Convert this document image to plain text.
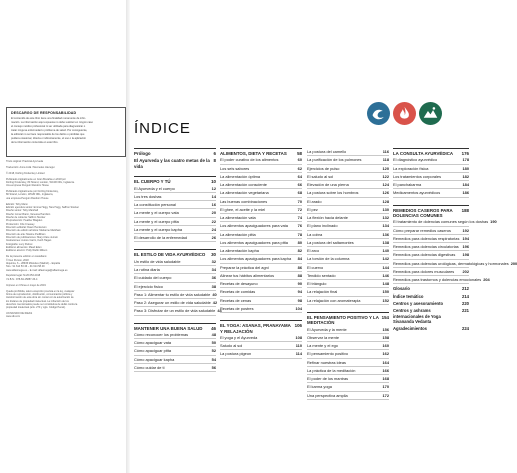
DESCARGO DE RESPONSABILIDAD
El contenido de este libro tiene una finalidad meramente de infor-
mación. La información aquí expuesta no debe sustituir en ningún caso
el consejo médico profesional ni ser utilizada para diagnosticar o
tratar ninguna enfermedad o problema de salud. Por consiguiente,
la editorial no se hace responsable de los daños o pérdidas que
pudiera ocasionar, directa o indirectamente, el uso o la aplicación
de la información contenida en este libro.
Título original: Practical Ayurveda
Traducción: Anna Juliá / Mercedes Jáuregui
© 2018, Dorling Kindersley Limited
Publicado originalmente en Gran Bretaña en 2018 por
Dorling Kindersley, 80 Strand, London, WC2R 0RL, Inglaterra.
Una empresa Penguin Random House
Publicado originalmente por Dorling Kindersley,
80 Strand, London, WC2R 0RL, Inglaterra,
una empresa Penguin Random House
Edición: Toby Mann
Edición ejecutiva sénior: Emma Hogg, Tara Hogg, Saffron Stocker
Diseño sénior: Toby Marshall
Diseño: Anna Dhami, Vanessa Hamilton
Diseño de cubierta: Saffron Stocker
Preproducción: Heather Blagden
Producción: Ché Creasey
Dirección editorial: Dawn Henderson
Dirección de edición artística: Marianne Markham
Dirección de arte: Maxine Pedliham
Dirección de publicaciones: Mary-Clare Jerram
Ilustraciones: Aurore Carric, Keith Hagan
Fotografía: Lucy Parissi
Estilismo alimentos: Maud Eden
Estilismo atrezzo: Polly Webb-Wilson
De la presente edición en castellano:
© Neo Person, 2018
Alquimia, 6 – 28933 Móstoles (Madrid) – España
Tels.: 91 614 53 46 – 91 614 58 49
www.alfaomega.es – E-mail: alfaomega@alfaomega.es
Depósito legal: M-26.053-2018
I.S.B.N.: 978-84-15887-33-4
Impreso en China en mayo de 2019
Queda prohibida, salvo excepción prevista en la ley, cualquier
forma de reproducción, distribución, comunicación pública y
transformación de esta obra sin contar con la autorización de
los titulares de propiedad intelectual. La infracción de los
derechos mencionados puede ser constitutiva de delito contra la
propiedad intelectual (arts. 270 y sgts. Código Penal).
UN MUNDO DE IDEAS
www.dk.com
ÍNDICE
Prólogo	6
El Ayurveda y las cuatro metas de la vida
8
EL CUERPO Y TÚ	10
El Ayurveda y el cuerpo	12
Los tres doshas	14
La constitución personal	16
La mente y el cuerpo vata	20
La mente y el cuerpo pitta	22
La mente y el cuerpo kapha	24
El desarrollo de la enfermedad	26
EL ESTILO DE VIDA AYURVÉDICO	30
Un estilo de vida saludable	32
La rutina diaria	34
El cuidado del cuerpo	36
El ejercicio físico	38
Paso 1: Alimentar tu estilo de vida saludable 40
Paso 2: Asegurar un estilo de vida saludable 42
Paso 3: Disfrutar de un estilo de vida saludable 44
MANTENER UNA BUENA SALUD	46
Cómo reconocer los problemas	48
Cómo apaciguar vata	50
Cómo apaciguar pitta	52
Cómo apaciguar kapha	54
Cómo cuidar de ti	56
ALIMENTOS, DIETA Y RECETAS	58
El poder curativo de los alimentos	60
Los seis sabores	62
La alimentación óptima	64
La alimentación consciente	66
La alimentación vegetariana	68
Las buenas combinaciones	70
El ghee, el aceite y la miel	72
La alimentación vata	74
Los alimentos apaciguadores para vata	76
La alimentación pitta	78
Los alimentos apaciguadores para pitta	80
La alimentación kapha	82
Los alimentos apaciguadores para kapha	84
Preparar la práctica del agni	86
Alinear tus hábitos alimentarios	88
Recetas de desayuno	90
Recetas de comidas	94
Recetas de cenas	98
Recetas de postres	104
EL YOGA: ASANAS, PRANAYAMA Y RELAJACIÓN
106
El yoga y el Ayurveda	108
Saludo al sol	110
La postura pigeon	114
La postura del camello	116
La purificación de los pulmones	118
Ejercicios de pulso	120
El saludo al sol	122
Elevación de una pierna	124
La postura sobre los hombros	126
El arado	128
El pez	130
La flexión hacia delante	132
El plano inclinado	134
La cobra	136
La postura del saltamontes	138
El arco	140
La torsión de la columna	142
El cuervo	144
Tendido sentado	146
El triángulo	148
La relajación final	150
La relajación con aromaterapia	152
EL PENSAMIENTO POSITIVO Y LA MEDITACIÓN
154
El Ayurveda y la mente	156
Observar la mente	158
La mente y el ego	160
El pensamiento positivo	162
Refinar nuestras ideas	164
La práctica de la meditación	166
El poder de los mantras	168
El karma yoga	170
Una perspectiva amplia	172
LA CONSULTA AYURVÉDICA	176
El diagnóstico ayurvédico	178
La exploración física	180
Los tratamientos corporales	182
El panchakarma	184
Medicamentos ayurvédicos	186
REMEDIOS CASEROS PARA DOLENCIAS COMUNES
188
El tratamiento de dolencias comunes según los doshas 190
Cómo preparar remedios caseros	192
Remedios para dolencias respiratorias 194
Remedios para dolencias circulatorias 196
Remedios para dolencias digestivas	198
Remedios para dolencias urológicas, dermatológicas y hormonales 200
Remedios para dolores musculares	202
Remedios para trastornos y dolencias emocionales 204
Glosario	212
Índice temático	214
Centros y asesoramiento	220
Centros y ashrams internacionales de Yoga Sivananda Vedanta
221
Agradecimientos	224
